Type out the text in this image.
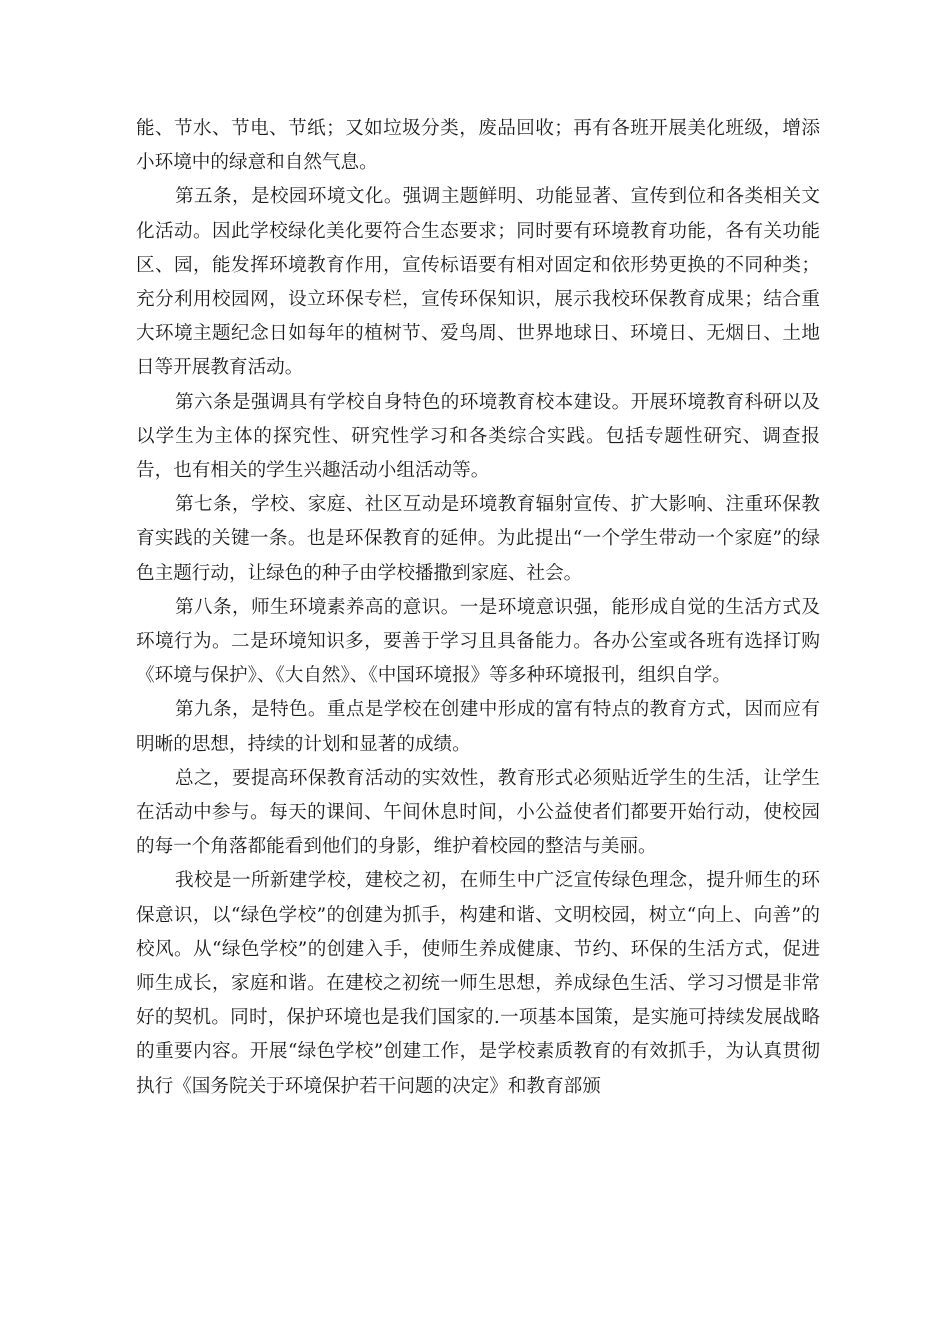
能、节水、节电、节纸；又如垃圾分类，废品回收；再有各班开展美化班级，增添小环境中的绿意和自然气息。

第五条，是校园环境文化。强调主题鲜明、功能显著、宣传到位和各类相关文化活动。因此学校绿化美化要符合生态要求；同时要有环境教育功能，各有关功能区、园，能发挥环境教育作用，宣传标语要有相对固定和依形势更换的不同种类；充分利用校园网，设立环保专栏，宣传环保知识，展示我校环保教育成果；结合重大环境主题纪念日如每年的植树节、爱鸟周、世界地球日、环境日、无烟日、土地日等开展教育活动。

第六条是强调具有学校自身特色的环境教育校本建设。开展环境教育科研以及以学生为主体的探究性、研究性学习和各类综合实践。包括专题性研究、调查报告，也有相关的学生兴趣活动小组活动等。

第七条，学校、家庭、社区互动是环境教育辐射宣传、扩大影响、注重环保教育实践的关键一条。也是环保教育的延伸。为此提出“一个学生带动一个家庭”的绿色主题行动，让绿色的种子由学校播撒到家庭、社会。

第八条，师生环境素养高的意识。一是环境意识强，能形成自觉的生活方式及环境行为。二是环境知识多，要善于学习且具备能力。各办公室或各班有选择订购《环境与保护》、《大自然》、《中国环境报》等多种环境报刊，组织自学。

第九条，是特色。重点是学校在创建中形成的富有特点的教育方式，因而应有明晰的思想，持续的计划和显著的成绩。

总之，要提高环保教育活动的实效性，教育形式必须贴近学生的生活，让学生在活动中参与。每天的课间、午间休息时间，小公益使者们都要开始行动，使校园的每一个角落都能看到他们的身影，维护着校园的整洁与美丽。

我校是一所新建学校，建校之初，在师生中广泛宣传绿色理念，提升师生的环保意识，以“绿色学校”的创建为抓手，构建和谐、文明校园，树立“向上、向善”的校风。从“绿色学校”的创建入手，使师生养成健康、节约、环保的生活方式，促进师生成长，家庭和谐。在建校之初统一师生思想，养成绿色生活、学习习惯是非常好的契机。同时，保护环境也是我们国家的.一项基本国策，是实施可持续发展战略的重要内容。开展“绿色学校”创建工作，是学校素质教育的有效抓手，为认真贯彻执行《国务院关于环境保护若干问题的决定》和教育部颁
